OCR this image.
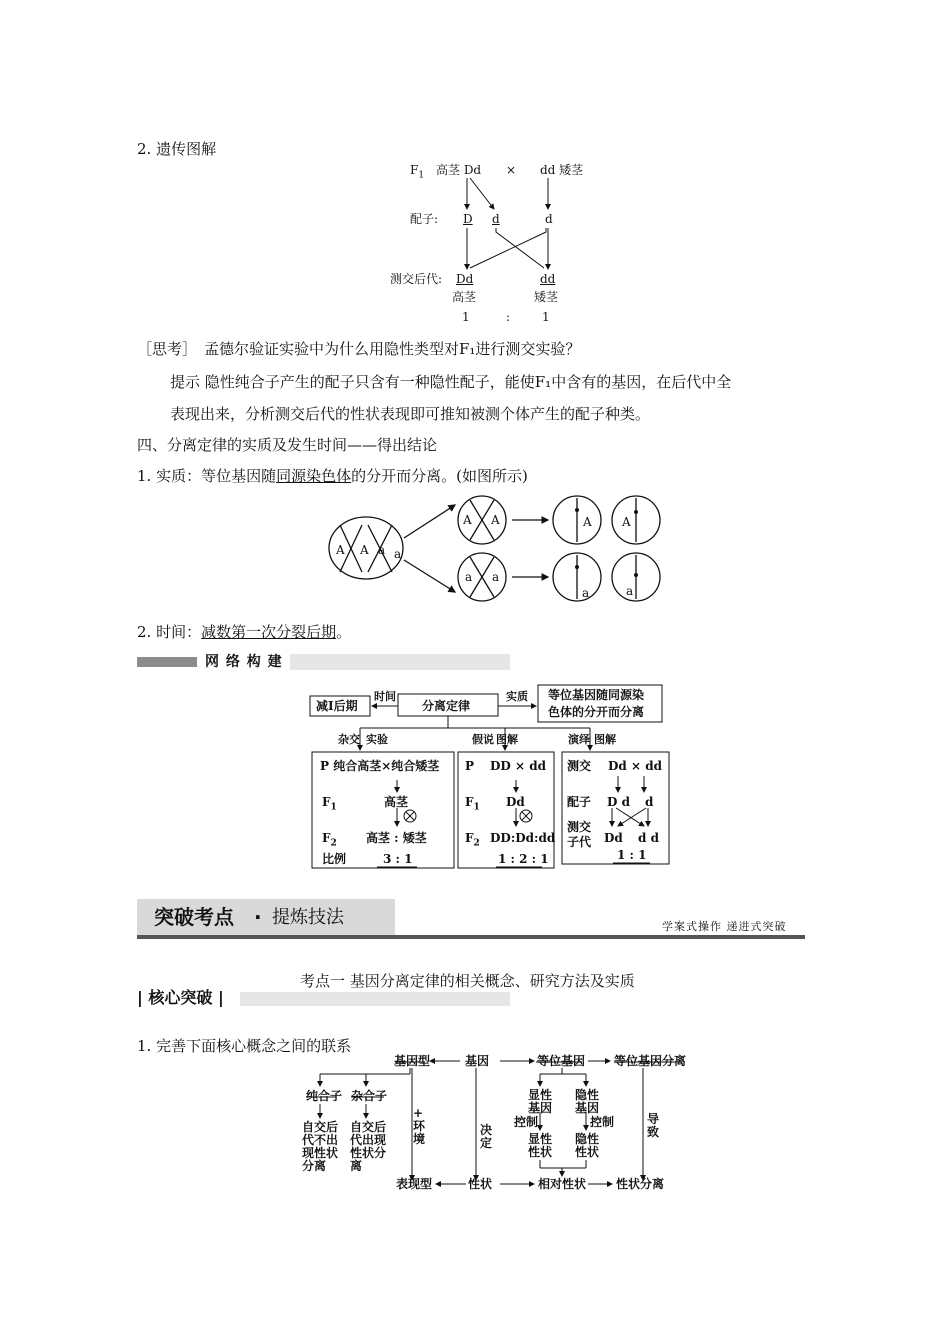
2. 遗传图解
$F_1$ 高茎 Dd × dd 矮茎
配子: D d	d
测交后代: Dd	dd
高茎	矮茎
1	:	1
［思考］ 孟德尔验证实验中为什么用隐性类型对F₁进行测交实验？
提示 隐性纯合子产生的配子只含有一种隐性配子，能使F₁中含有的基因，在后代中全
表现出来，分析测交后代的性状表现即可推知被测个体产生的配子种类。
四、分离定律的实质及发生时间——得出结论
1. 实质：等位基因随同源染色体的分开而分离。(如图所示)
A A a a
A A
a a
A	A
a	a
2. 时间：减数第一次分裂后期。
网 络 构 建
减Ⅰ后期
时间
分离定律
实质 等位基因随同源染
色体的分开而分离
杂交 实验	假说 图解	演绎 图解
P 纯合高茎×纯合矮茎
$F_1$	高茎
$F_2$ 高茎 : 矮茎
比例	3 : 1
P DD × dd
$F_1$ Dd
$F_2$ DD:Dd:dd
1 : 2 : 1
测交 Dd × dd
配子 D d d
测交
子代 Dd d d
1 : 1
突破考点 · 提炼技法	学案式操作 递进式突破
考点一 基因分离定律的相关概念、研究方法及实质
| 核心突破 |
1. 完善下面核心概念之间的联系
基因型	基因	等位基因 等位基因分离
纯合子 杂合子	显性
基因
隐性
基因
控制	控制
显性
性状
隐性
性状
自交后
代不出
现性状
分离
自交后
代出现
性状分
离
+
环
境
决
定
导
致
表现型	性状	相对性状 性状分离
